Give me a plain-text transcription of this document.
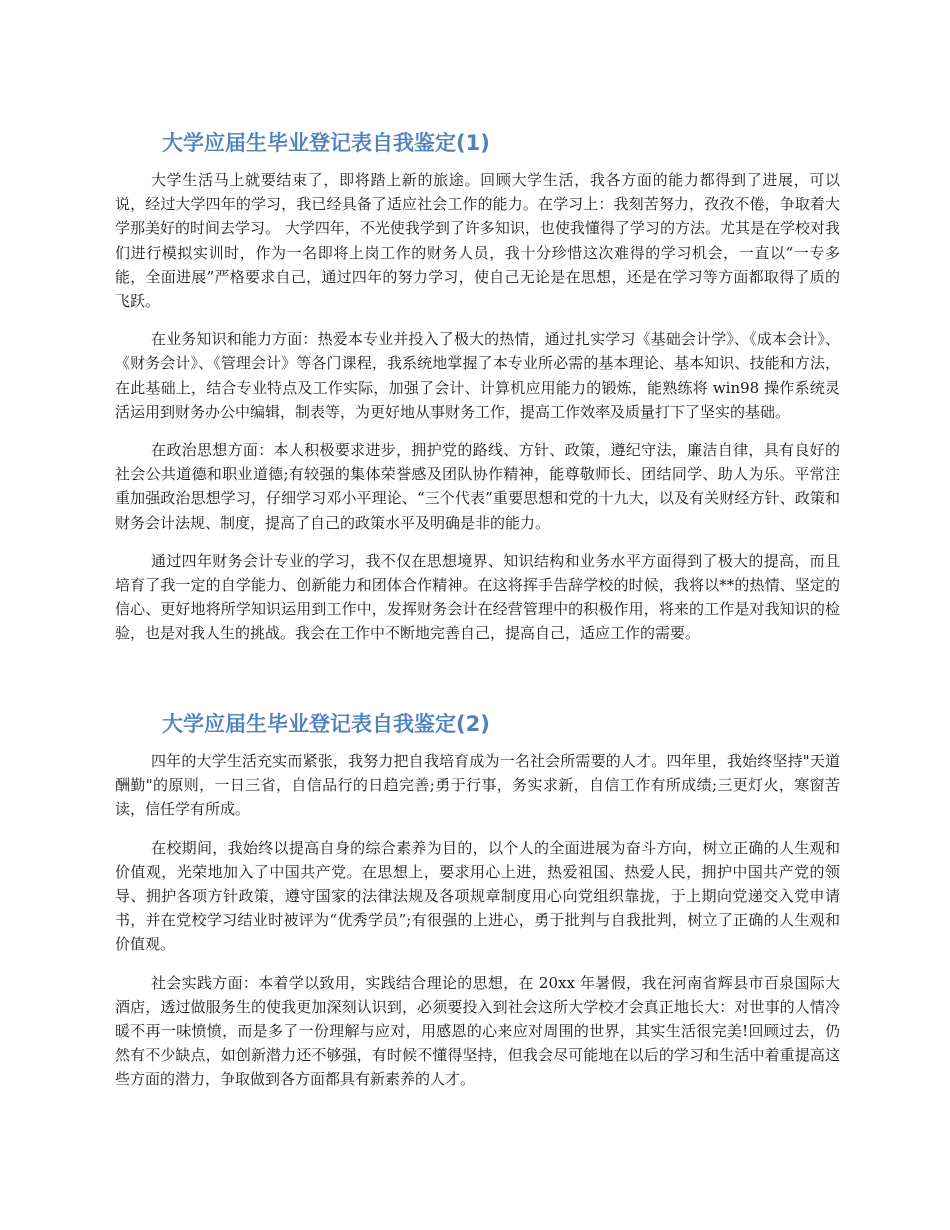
大学应届生毕业登记表自我鉴定(1)

大学生活马上就要结束了，即将踏上新的旅途。回顾大学生活，我各方面的能力都得到了进展，可以说，经过大学四年的学习，我已经具备了适应社会工作的能力。在学习上：我刻苦努力，孜孜不倦，争取着大学那美好的时间去学习。 大学四年，不光使我学到了许多知识，也使我懂得了学习的方法。尤其是在学校对我们进行模拟实训时，作为一名即将上岗工作的财务人员，我十分珍惜这次难得的学习机会，一直以“一专多能，全面进展”严格要求自己，通过四年的努力学习，使自己无论是在思想，还是在学习等方面都取得了质的飞跃。

在业务知识和能力方面：热爱本专业并投入了极大的热情，通过扎实学习《基础会计学》、《成本会计》、《财务会计》、《管理会计》等各门课程，我系统地掌握了本专业所必需的基本理论、基本知识、技能和方法，在此基础上，结合专业特点及工作实际，加强了会计、计算机应用能力的锻炼，能熟练将 win98 操作系统灵活运用到财务办公中编辑，制表等，为更好地从事财务工作，提高工作效率及质量打下了坚实的基础。

在政治思想方面：本人积极要求进步，拥护党的路线、方针、政策，遵纪守法，廉洁自律，具有良好的社会公共道德和职业道德;有较强的集体荣誉感及团队协作精神，能尊敬师长、团结同学、助人为乐。平常注重加强政治思想学习，仔细学习邓小平理论、“三个代表”重要思想和党的十九大，以及有关财经方针、政策和财务会计法规、制度，提高了自己的政策水平及明确是非的能力。

通过四年财务会计专业的学习，我不仅在思想境界、知识结构和业务水平方面得到了极大的提高，而且培育了我一定的自学能力、创新能力和团体合作精神。在这将挥手告辞学校的时候，我将以**的热情、坚定的信心、更好地将所学知识运用到工作中，发挥财务会计在经营管理中的积极作用，将来的工作是对我知识的检验，也是对我人生的挑战。我会在工作中不断地完善自己，提高自己，适应工作的需要。

大学应届生毕业登记表自我鉴定(2)

四年的大学生活充实而紧张，我努力把自我培育成为一名社会所需要的人才。四年里，我始终坚持"天道酬勤"的原则，一日三省，自信品行的日趋完善;勇于行事，务实求新，自信工作有所成绩;三更灯火，寒窗苦读，信任学有所成。

在校期间，我始终以提高自身的综合素养为目的，以个人的全面进展为奋斗方向，树立正确的人生观和价值观，光荣地加入了中国共产党。在思想上，要求用心上进，热爱祖国、热爱人民，拥护中国共产党的领导、拥护各项方针政策，遵守国家的法律法规及各项规章制度用心向党组织靠拢，于上期向党递交入党申请书，并在党校学习结业时被评为“优秀学员”;有很强的上进心，勇于批判与自我批判，树立了正确的人生观和价值观。

社会实践方面：本着学以致用，实践结合理论的思想，在 20xx 年暑假，我在河南省辉县市百泉国际大酒店，透过做服务生的使我更加深刻认识到，必须要投入到社会这所大学校才会真正地长大：对世事的人情冷暖不再一味愤愤，而是多了一份理解与应对，用感恩的心来应对周围的世界，其实生活很完美!回顾过去，仍然有不少缺点，如创新潜力还不够强，有时候不懂得坚持，但我会尽可能地在以后的学习和生活中着重提高这些方面的潜力，争取做到各方面都具有新素养的人才。
